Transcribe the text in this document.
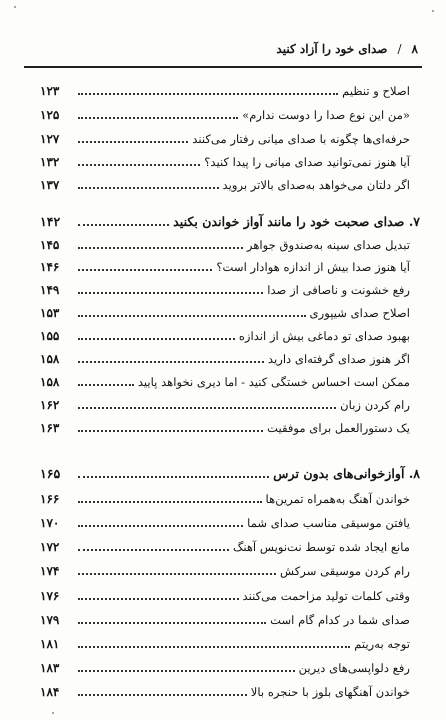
۸
/
صدای خود را آزاد کنید
اصلاح و تنظیم
۱۲۳
«من این نوع صدا را دوست ندارم»
۱۲۵
حرفه‌ای‌ها چگونه با صدای میانی رفتار می‌کنند
۱۲۷
آیا هنوز نمی‌توانید صدای میانی را پیدا کنید؟
۱۳۲
اگر دلتان می‌خواهد به‌صدای بالاتر بروید
۱۳۷
۷. صدای صحبت خود را مانند آواز خواندن بکنید
۱۴۲
تبدیل صدای سینه به‌صندوق جواهر
۱۴۵
آیا هنوز صدا بیش از اندازه هوادار است؟
۱۴۶
رفع خشونت و ناصافی از صدا
۱۴۹
اصلاح صدای شیپوری
۱۵۳
بهبود صدای تو دماغی بیش از اندازه
۱۵۵
اگر هنوز صدای گرفته‌ای دارید
۱۵۸
ممکن است احساس خستگی کنید - اما دیری نخواهد پایید
۱۵۸
رام کردن زبان
۱۶۲
یک دستورالعمل برای موفقیت
۱۶۳
۸. آوازخوانی‌های بدون ترس
۱۶۵
خواندن آهنگ به‌همراه تمرین‌ها
۱۶۶
یافتن موسیقی مناسب صدای شما
۱۷۰
مانع ایجاد شده توسط نت‌نویس آهنگ
۱۷۲
رام کردن موسیقی سرکش
۱۷۴
وقتی کلمات تولید مزاحمت می‌کنند
۱۷۶
صدای شما در کدام گام است
۱۷۹
توجه به‌ریتم
۱۸۱
رفع دلواپسی‌های دیرین
۱۸۳
خواندن آهنگهای بلوز با حنجره بالا
۱۸۴
